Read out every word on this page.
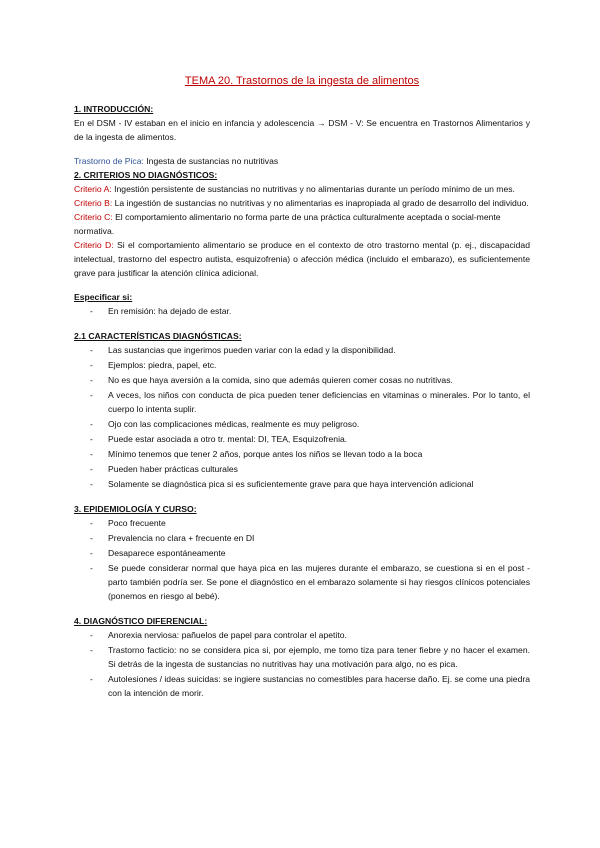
TEMA 20. Trastornos de la ingesta de alimentos

1. INTRODUCCIÓN:

En el DSM - IV estaban en el inicio en infancia y adolescencia → DSM - V: Se encuentra en Trastornos Alimentarios y de la ingesta de alimentos.

Trastorno de Pica: Ingesta de sustancias no nutritivas

2. CRITERIOS NO DIAGNÓSTICOS:

Criterio A: Ingestión persistente de sustancias no nutritivas y no alimentarias durante un período mínimo de un mes.

Criterio B: La ingestión de sustancias no nutritivas y no alimentarias es inapropiada al grado de desarrollo del individuo.

Criterio C: El comportamiento alimentario no forma parte de una práctica culturalmente aceptada o social-mente normativa.

Criterio D: Si el comportamiento alimentario se produce en el contexto de otro trastorno mental (p. ej., discapacidad intelectual, trastorno del espectro autista, esquizofrenia) o afección médica (incluido el embarazo), es suficientemente grave para justificar la atención clínica adicional.

Especificar si:

- En remisión: ha dejado de estar.

2.1 CARACTERÍSTICAS DIAGNÓSTICAS:

- Las sustancias que ingerimos pueden variar con la edad y la disponibilidad.
- Ejemplos: piedra, papel, etc.
- No es que haya aversión a la comida, sino que además quieren comer cosas no nutritivas.
- A veces, los niños con conducta de pica pueden tener deficiencias en vitaminas o minerales. Por lo tanto, el cuerpo lo intenta suplir.
- Ojo con las complicaciones médicas, realmente es muy peligroso.
- Puede estar asociada a otro tr. mental: DI, TEA, Esquizofrenia.
- Mínimo tenemos que tener 2 años, porque antes los niños se llevan todo a la boca
- Pueden haber prácticas culturales
- Solamente se diagnóstica pica si es suficientemente grave para que haya intervención adicional

3. EPIDEMIOLOGÍA Y CURSO:

- Poco frecuente
- Prevalencia no clara + frecuente en DI
- Desaparece espontáneamente
- Se puede considerar normal que haya pica en las mujeres durante el embarazo, se cuestiona si en el post - parto también podría ser. Se pone el diagnóstico en el embarazo solamente si hay riesgos clínicos potenciales (ponemos en riesgo al bebé).

4. DIAGNÓSTICO DIFERENCIAL:

- Anorexia nerviosa: pañuelos de papel para controlar el apetito.
- Trastorno facticio: no se considera pica si, por ejemplo, me tomo tiza para tener fiebre y no hacer el examen. Si detrás de la ingesta de sustancias no nutritivas hay una motivación para algo, no es pica.
- Autolesiones / ideas suicidas: se ingiere sustancias no comestibles para hacerse daño. Ej. se come una piedra con la intención de morir.
